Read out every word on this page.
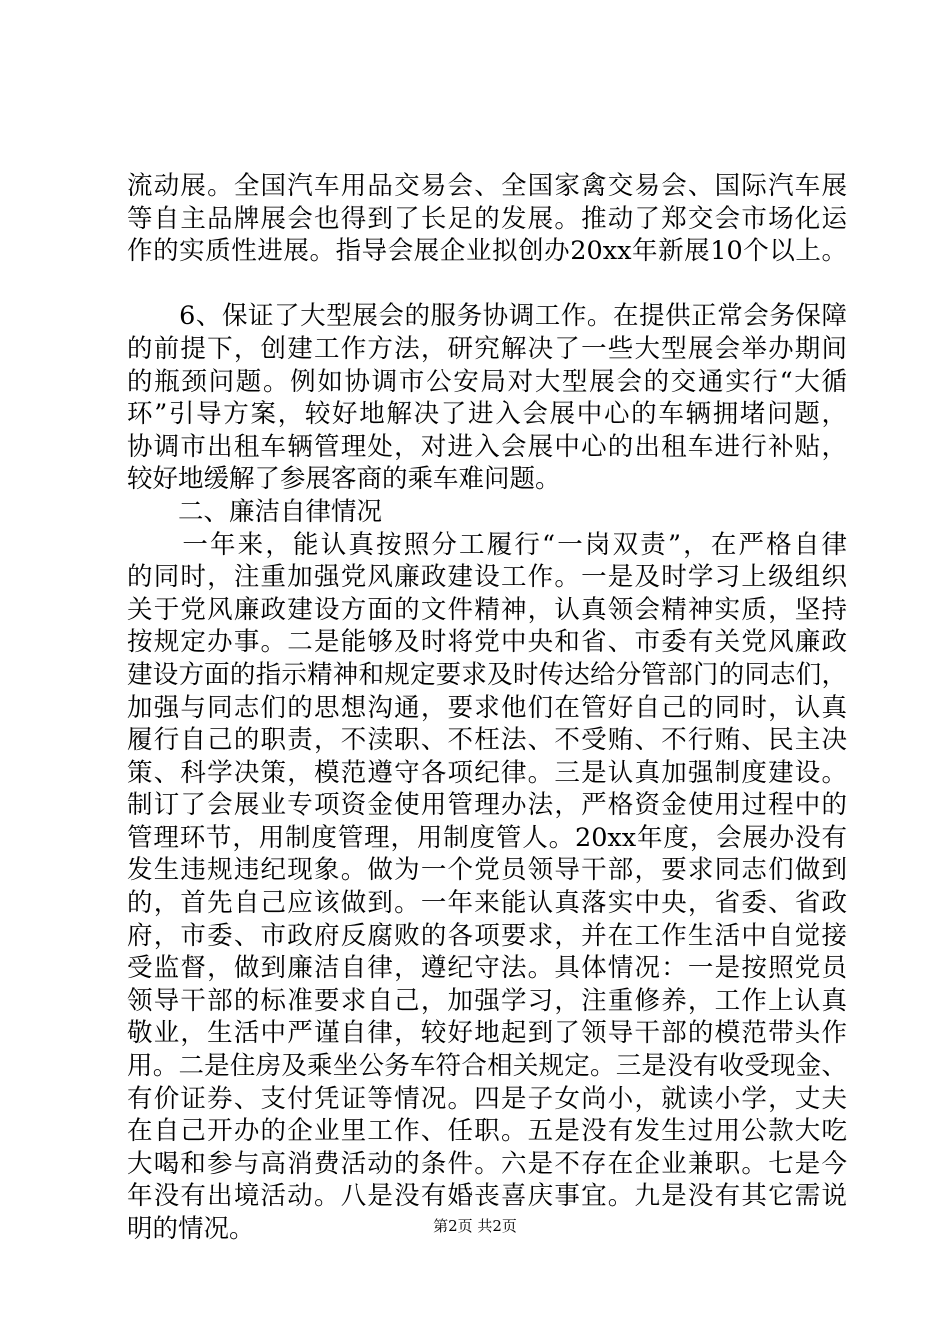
流动展。全国汽车用品交易会、全国家禽交易会、国际汽车展
等自主品牌展会也得到了长足的发展。推动了郑交会市场化运
作的实质性进展。指导会展企业拟创办20xx年新展10个以上。
　　6、保证了大型展会的服务协调工作。在提供正常会务保障
的前提下，创建工作方法，研究解决了一些大型展会举办期间
的瓶颈问题。例如协调市公安局对大型展会的交通实行“大循
环”引导方案，较好地解决了进入会展中心的车辆拥堵问题，
协调市出租车辆管理处，对进入会展中心的出租车进行补贴，
较好地缓解了参展客商的乘车难问题。
　　二、廉洁自律情况
　　一年来，能认真按照分工履行“一岗双责”，在严格自律
的同时，注重加强党风廉政建设工作。一是及时学习上级组织
关于党风廉政建设方面的文件精神，认真领会精神实质，坚持
按规定办事。二是能够及时将党中央和省、市委有关党风廉政
建设方面的指示精神和规定要求及时传达给分管部门的同志们，
加强与同志们的思想沟通，要求他们在管好自己的同时，认真
履行自己的职责，不渎职、不枉法、不受贿、不行贿、民主决
策、科学决策，模范遵守各项纪律。三是认真加强制度建设。
制订了会展业专项资金使用管理办法，严格资金使用过程中的
管理环节，用制度管理，用制度管人。20xx年度，会展办没有
发生违规违纪现象。做为一个党员领导干部，要求同志们做到
的，首先自己应该做到。一年来能认真落实中央，省委、省政
府，市委、市政府反腐败的各项要求，并在工作生活中自觉接
受监督，做到廉洁自律，遵纪守法。具体情况：一是按照党员
领导干部的标准要求自己，加强学习，注重修养，工作上认真
敬业，生活中严谨自律，较好地起到了领导干部的模范带头作
用。二是住房及乘坐公务车符合相关规定。三是没有收受现金、
有价证券、支付凭证等情况。四是子女尚小，就读小学，丈夫
在自己开办的企业里工作、任职。五是没有发生过用公款大吃
大喝和参与高消费活动的条件。六是不存在企业兼职。七是今
年没有出境活动。八是没有婚丧喜庆事宜。九是没有其它需说
明的情况。	第2页 共2页
